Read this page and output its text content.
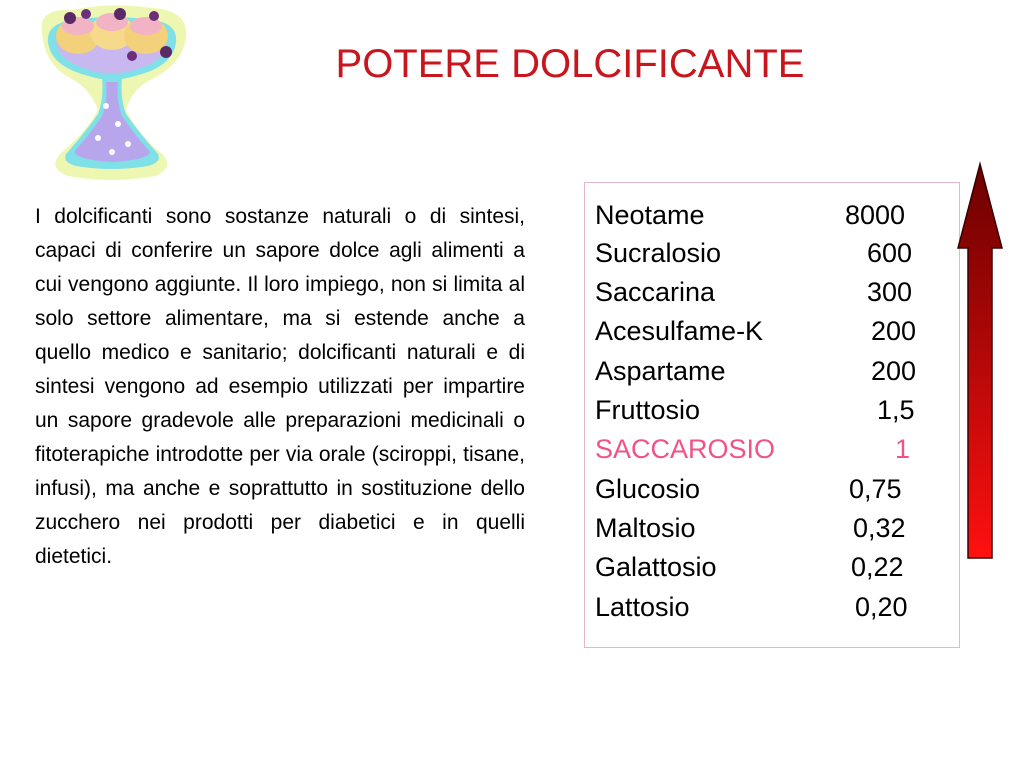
POTERE DOLCIFICANTE

I dolcificanti sono sostanze naturali o di sintesi, capaci di conferire un sapore dolce agli alimenti a cui vengono aggiunte. Il loro impiego, non si limita al solo settore alimentare, ma si estende anche a quello medico e sanitario; dolcificanti naturali e di sintesi vengono ad esempio utilizzati per impartire un sapore gradevole alle preparazioni medicinali o fitoterapiche introdotte per via orale (sciroppi, tisane, infusi), ma anche e soprattutto in sostituzione dello zucchero nei prodotti per diabetici e in quelli dietetici.

Neotame	8000
Sucralosio	600
Saccarina	300
Acesulfame-K	200
Aspartame	200
Fruttosio	1,5
SACCAROSIO	1
Glucosio	0,75
Maltosio	0,32
Galattosio	0,22
Lattosio	0,20
